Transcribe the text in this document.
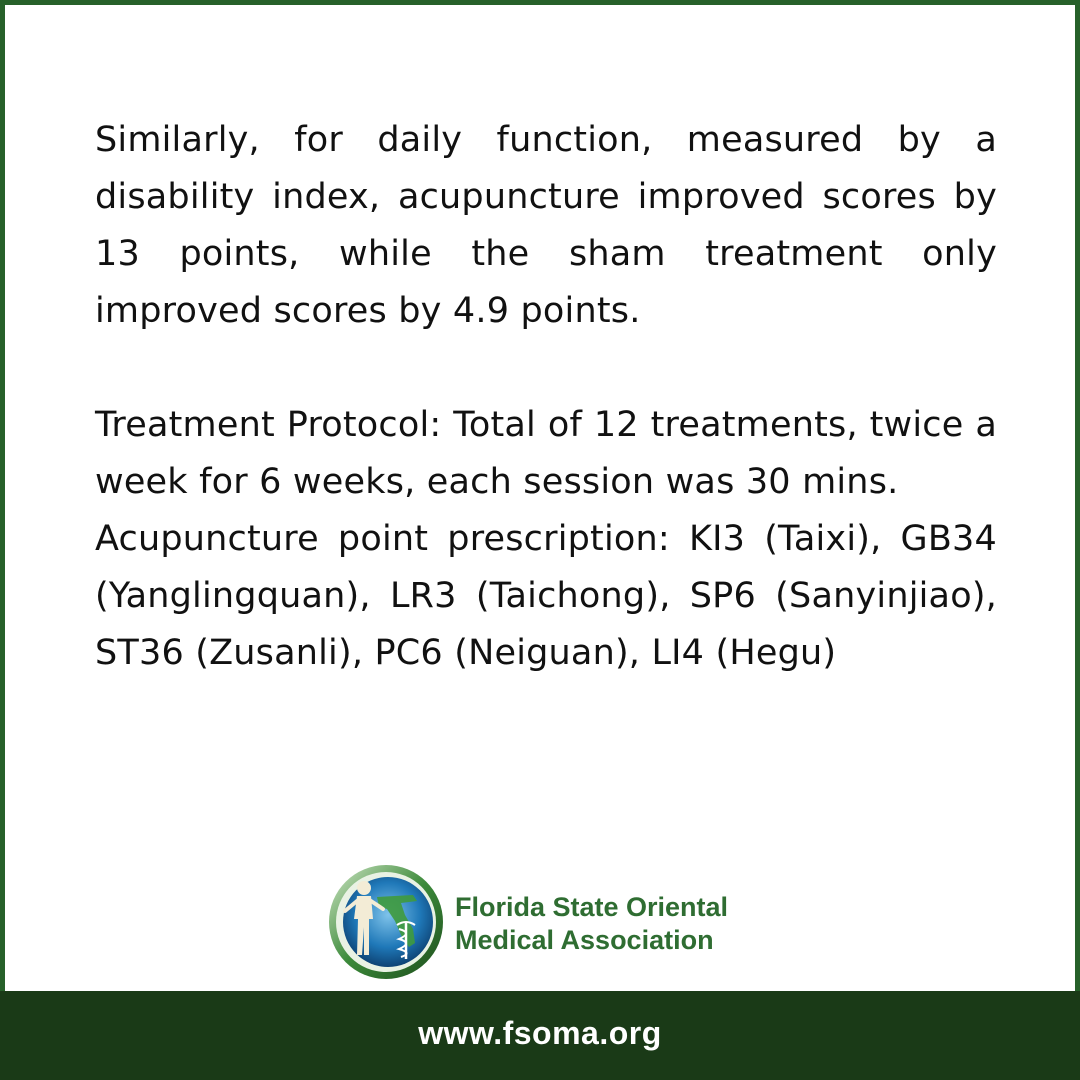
Similarly, for daily function, measured by a disability index, acupuncture improved scores by 13 points, while the sham treatment only improved scores by 4.9 points.

Treatment Protocol: Total of 12 treatments, twice a week for 6 weeks, each session was 30 mins.

Acupuncture point prescription: KI3 (Taixi), GB34 (Yanglingquan), LR3 (Taichong), SP6 (Sanyinjiao), ST36 (Zusanli), PC6 (Neiguan), LI4 (Hegu)

Florida State Oriental
Medical Association
www.fsoma.org
